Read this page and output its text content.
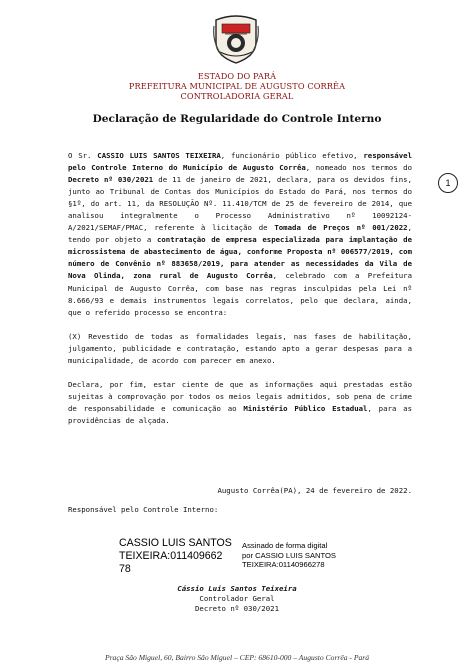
ESTADO DO PARÁ
PREFEITURA MUNICIPAL DE AUGUSTO CORRÊA
CONTROLADORIA GERAL
Declaração de Regularidade do Controle Interno
1

O Sr. CASSIO LUIS SANTOS TEIXEIRA, funcionário público efetivo, responsável pelo Controle Interno do Município de Augusto Corrêa, nomeado nos termos do Decreto nº 030/2021 de 11 de janeiro de 2021, declara, para os devidos fins, junto ao Tribunal de Contas dos Municípios do Estado do Pará, nos termos do §1º, do art. 11, da RESOLUÇÃO Nº. 11.410/TCM de 25 de fevereiro de 2014, que analisou integralmente o Processo Administrativo nº 10092124-A/2021/SEMAF/PMAC, referente à licitação de Tomada de Preços nº 001/2022, tendo por objeto a contratação de empresa especializada para implantação de microssistema de abastecimento de água, conforme Proposta nº 006577/2019, com número de Convênio nº 883658/2019, para atender as necessidades da Vila de Nova Olinda, zona rural de Augusto Corrêa, celebrado com a Prefeitura Municipal de Augusto Corrêa, com base nas regras insculpidas pela Lei nº 8.666/93 e demais instrumentos legais correlatos, pelo que declara, ainda, que o referido processo se encontra:

(X) Revestido de todas as formalidades legais, nas fases de habilitação, julgamento, publicidade e contratação, estando apto a gerar despesas para a municipalidade, de acordo com parecer em anexo.

Declara, por fim, estar ciente de que as informações aqui prestadas estão sujeitas à comprovação por todos os meios legais admitidos, sob pena de crime de responsabilidade e comunicação ao Ministério Público Estadual, para as providências de alçada.

Augusto Corrêa(PA), 24 de fevereiro de 2022.
Responsável pelo Controle Interno:
CASSIO LUIS SANTOS
TEIXEIRA:011409662
78
Assinado de forma digital
por CASSIO LUIS SANTOS
TEIXEIRA:01140966278
Cássio Luis Santos Teixeira
Controlador Geral
Decreto nº 030/2021
Praça São Miguel, 60, Bairro São Miguel – CEP: 68610-000 – Augusto Corrêa - Pará
